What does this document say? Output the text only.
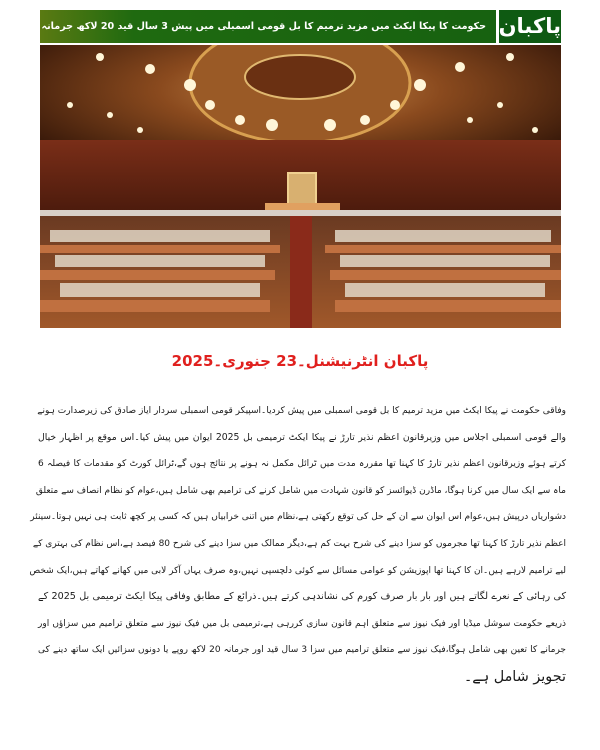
حکومت کا پیکا ایکٹ میں مزید ترمیم کا بل قومی اسمبلی میں پیش 3 سال قید 20 لاکھ جرمانہ پاکبان
پاکبان انٹرنیشنل۔23 جنوری۔2025
وفاقی حکومت نے پیکا ایکٹ میں مزید ترمیم کا بل قومی اسمبلی میں پیش کردیا۔اسپیکر قومی اسمبلی سردار ایاز صادق کی زیرصدارت ہونے
والے قومی اسمبلی اجلاس میں وزیرقانون اعظم نذیر تارڑ نے پیکا ایکٹ ترمیمی بل 2025 ایوان میں پیش کیا۔اس موقع پر اظہار خیال
کرتے ہوئے وزیرقانون اعظم نذیر تارڑ کا کہنا تھا مقررہ مدت میں ٹرائل مکمل نہ ہونے پر نتائج ہوں گے،ٹرائل کورٹ کو مقدمات کا فیصلہ 6
ماہ سے ایک سال میں کرنا ہوگا، ماڈرن ڈیوائسز کو قانون شہادت میں شامل کرنے کی ترامیم بھی شامل ہیں،عوام کو نظام انصاف سے متعلق
دشواریاں درپیش ہیں،عوام اس ایوان سے ان کے حل کی توقع رکھتی ہے،نظام میں اتنی خرابیاں ہیں کہ کسی پر کچھ ثابت ہی نہیں ہوتا۔سینئر
اعظم نذیر تارڑ کا کہنا تھا مجرموں کو سزا دینے کی شرح بہت کم ہے،دیگر ممالک میں سزا دینے کی شرح 80 فیصد ہے،اس نظام کی بہتری کے
لیے ترامیم لارہے ہیں۔ان کا کہنا تھا اپوزیشن کو عوامی مسائل سے کوئی دلچسپی نہیں،وہ صرف یہاں آکر لابی میں کھانے کھاتے ہیں،ایک شخص
کی رہائی کے نعرے لگاتے ہیں اور بار بار صرف کورم کی نشاندہی کرتے ہیں۔ذرائع کے مطابق وفاقی پیکا ایکٹ ترمیمی بل 2025 کے
ذریعے حکومت سوشل میڈیا اور فیک نیوز سے متعلق اہم قانون سازی کررہی ہے،ترمیمی بل میں فیک نیوز سے متعلق ترامیم میں سزاؤں اور
جرمانے کا تعین بھی شامل ہوگا،فیک نیوز سے متعلق ترامیم میں سزا 3 سال قید اور جرمانہ 20 لاکھ روپے یا دونوں سزائیں ایک ساتھ دینے کی
تجویز شامل ہے۔
